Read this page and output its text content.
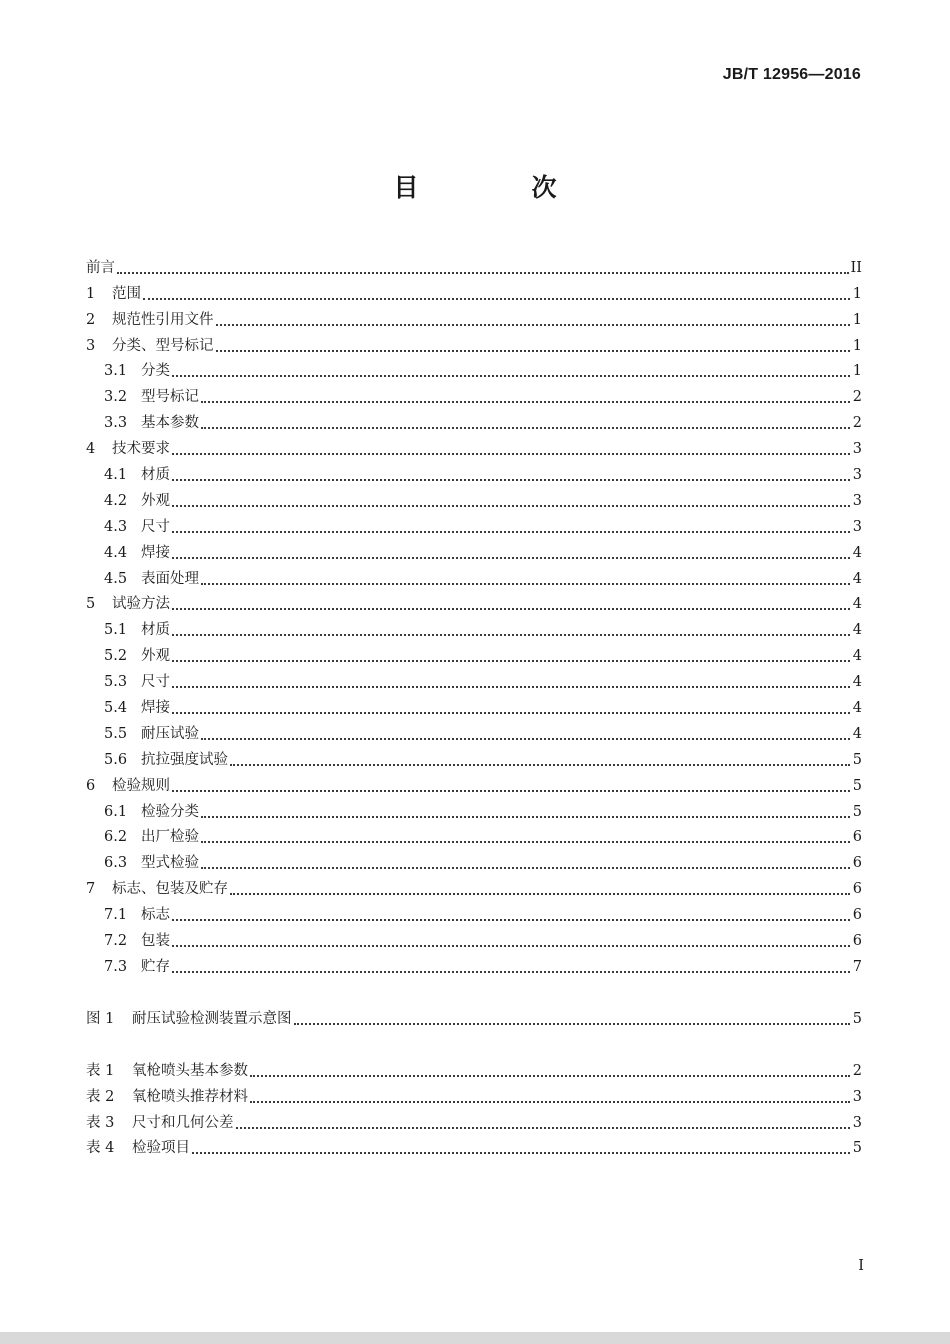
JB/T 12956—2016
目　次
前言	II
1	范围	1
2	规范性引用文件	1
3	分类、型号标记	1
3.1 分类	1
3.2 型号标记	2
3.3 基本参数	2
4	技术要求	3
4.1 材质	3
4.2 外观	3
4.3 尺寸	3
4.4 焊接	4
4.5 表面处理	4
5	试验方法	4
5.1 材质	4
5.2 外观	4
5.3 尺寸	4
5.4 焊接	4
5.5 耐压试验	4
5.6 抗拉强度试验	5
6	检验规则	5
6.1 检验分类	5
6.2 出厂检验	6
6.3 型式检验	6
7	标志、包装及贮存	6
7.1 标志	6
7.2 包装	6
7.3 贮存	7
图 1	耐压试验检测装置示意图	5
表 1	氧枪喷头基本参数	2
表 2	氧枪喷头推荐材料	3
表 3	尺寸和几何公差	3
表 4	检验项目	5
I
